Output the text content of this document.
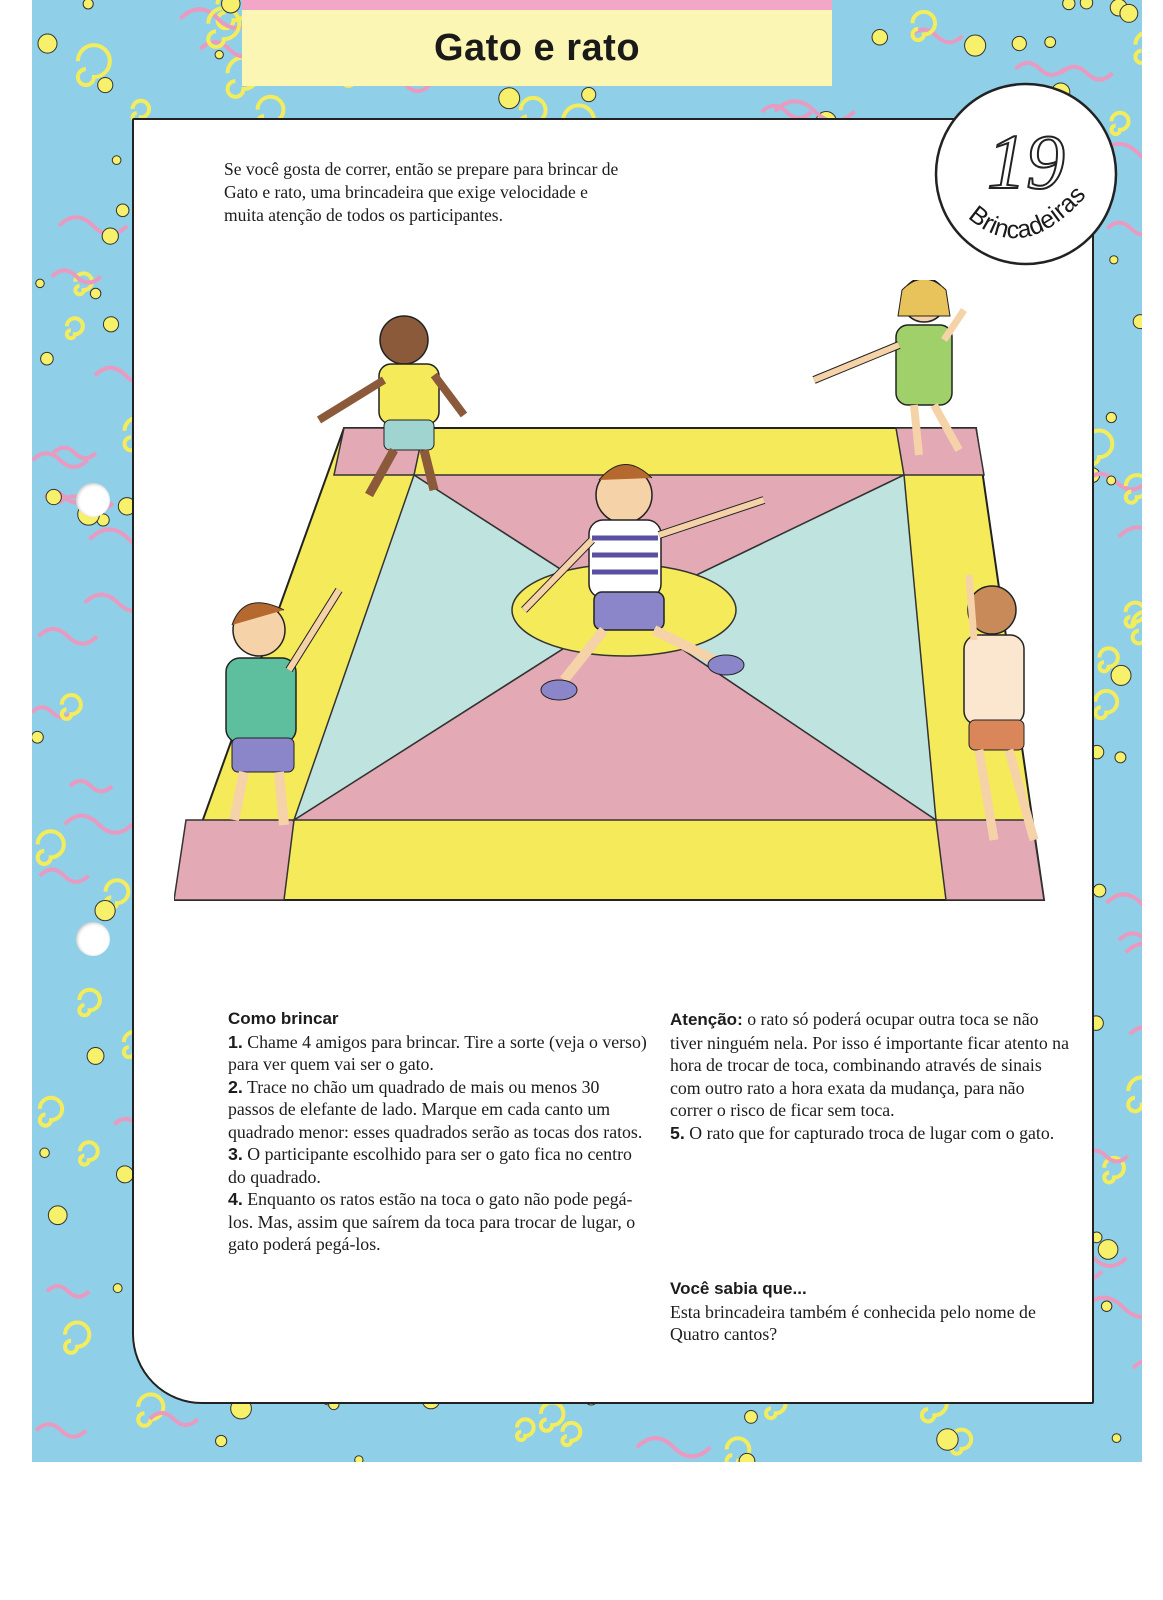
Gato e rato

Se você gosta de correr, então se prepare para brincar de Gato e rato, uma brincadeira que exige velocidade e muita atenção de todos os participantes.

Como brincar

1. Chame 4 amigos para brincar. Tire a sorte (veja o verso) para ver quem vai ser o gato.

2. Trace no chão um quadrado de mais ou menos 30 passos de elefante de lado. Marque em cada canto um quadrado menor: esses quadrados serão as tocas dos ratos.

3. O participante escolhido para ser o gato fica no centro do quadrado.

4. Enquanto os ratos estão na toca o gato não pode pegá-los. Mas, assim que saírem da toca para trocar de lugar, o gato poderá pegá-los.

Atenção: o rato só poderá ocupar outra toca se não tiver ninguém nela. Por isso é importante ficar atento na hora de trocar de toca, combinando através de sinais com outro rato a hora exata da mudança, para não correr o risco de ficar sem toca.

5. O rato que for capturado troca de lugar com o gato.

Você sabia que...
Esta brincadeira também é conhecida pelo nome de Quatro cantos?
19
Brincadeiras
